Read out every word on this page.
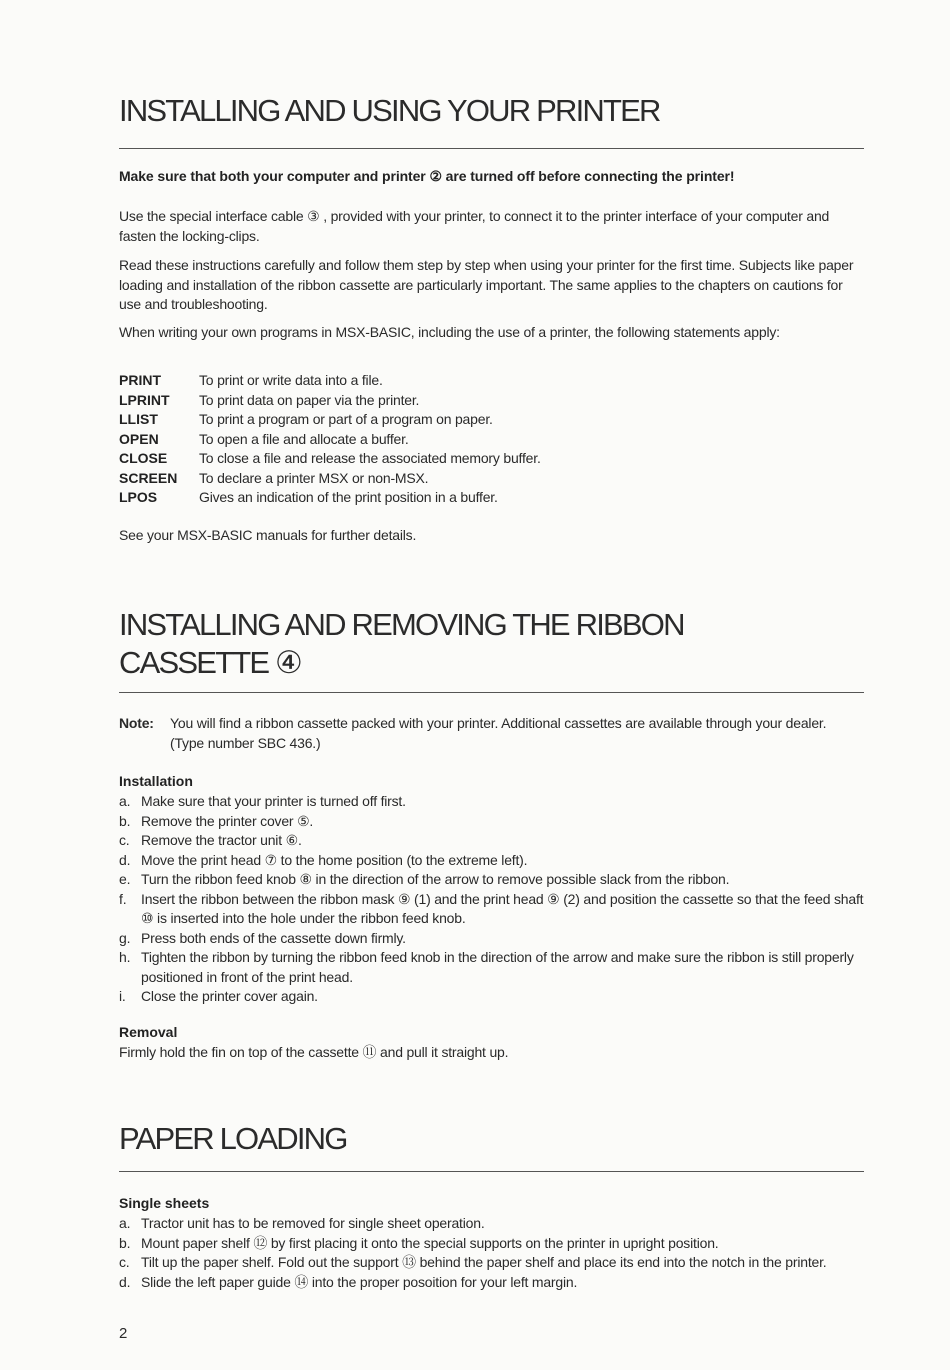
INSTALLING AND USING YOUR PRINTER

Make sure that both your computer and printer ② are turned off before connecting the printer!

Use the special interface cable ③ , provided with your printer, to connect it to the printer interface of your computer and fasten the locking-clips.

Read these instructions carefully and follow them step by step when using your printer for the first time. Subjects like paper loading and installation of the ribbon cassette are particularly important. The same applies to the chapters on cautions for use and troubleshooting.

When writing your own programs in MSX-BASIC, including the use of a printer, the following statements apply:

PRINT	To print or write data into a file.
LPRINT	To print data on paper via the printer.
LLIST	To print a program or part of a program on paper.
OPEN	To open a file and allocate a buffer.
CLOSE	To close a file and release the associated memory buffer.
SCREEN	To declare a printer MSX or non-MSX.
LPOS	Gives an indication of the print position in a buffer.

See your MSX-BASIC manuals for further details.

INSTALLING AND REMOVING THE RIBBON
CASSETTE ④
Note:	You will find a ribbon cassette packed with your printer. Additional cassettes are available through your dealer. (Type number SBC 436.)
Installation
a. Make sure that your printer is turned off first.
b. Remove the printer cover ⑤.
c. Remove the tractor unit ⑥.
d. Move the print head ⑦ to the home position (to the extreme left).
e. Turn the ribbon feed knob ⑧ in the direction of the arrow to remove possible slack from the ribbon.
f.	Insert the ribbon between the ribbon mask ⑨ (1) and the print head ⑨ (2) and position the cassette so that the feed shaft ⑩ is inserted into the hole under the ribbon feed knob.
g. Press both ends of the cassette down firmly.
h. Tighten the ribbon by turning the ribbon feed knob in the direction of the arrow and make sure the ribbon is still properly positioned in front of the print head.
i.	Close the printer cover again.
Removal

Firmly hold the fin on top of the cassette ⑪ and pull it straight up.

PAPER LOADING
Single sheets
a. Tractor unit has to be removed for single sheet operation.
b. Mount paper shelf ⑫ by first placing it onto the special supports on the printer in upright position.
c. Tilt up the paper shelf. Fold out the support ⑬ behind the paper shelf and place its end into the notch in the printer.
d. Slide the left paper guide ⑭ into the proper posoition for your left margin.
2
